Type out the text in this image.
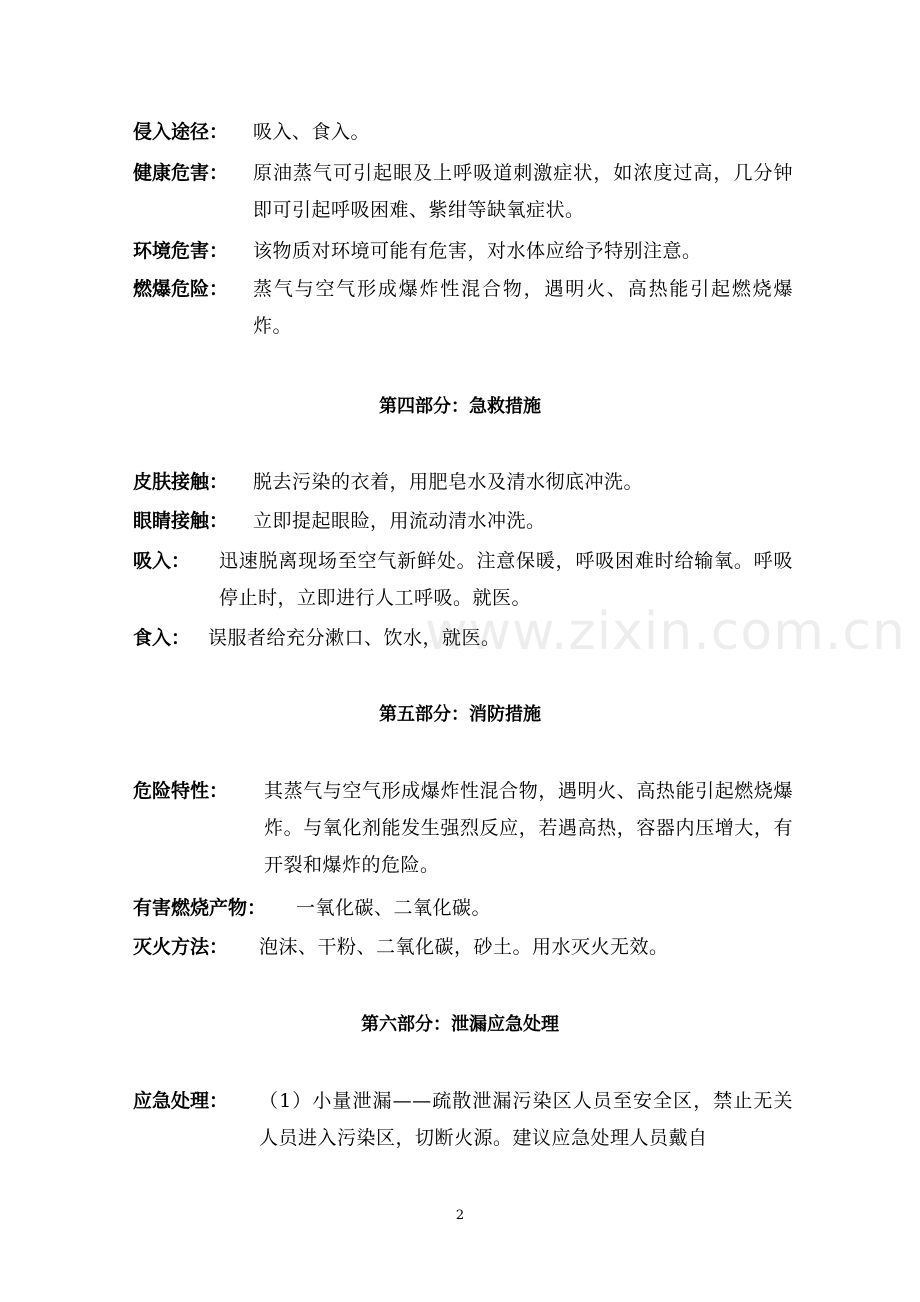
侵入途径：	吸入、食入。
健康危害：	原油蒸气可引起眼及上呼吸道刺激症状，如浓度过高，几分钟即可引起呼吸困难、紫绀等缺氧症状。
环境危害：	该物质对环境可能有危害，对水体应给予特别注意。
燃爆危险：	蒸气与空气形成爆炸性混合物，遇明火、高热能引起燃烧爆炸。
第四部分：急救措施
皮肤接触：	脱去污染的衣着，用肥皂水及清水彻底冲洗。
眼睛接触：	立即提起眼睑，用流动清水冲洗。
吸入：	迅速脱离现场至空气新鲜处。注意保暖，呼吸困难时给输氧。呼吸停止时，立即进行人工呼吸。就医。
食入： 误服者给充分漱口、饮水，就医。
第五部分：消防措施
危险特性：	其蒸气与空气形成爆炸性混合物，遇明火、高热能引起燃烧爆炸。与氧化剂能发生强烈反应，若遇高热，容器内压增大，有开裂和爆炸的危险。
有害燃烧产物：	一氧化碳、二氧化碳。
灭火方法：	泡沫、干粉、二氧化碳，砂土。用水灭火无效。
第六部分：泄漏应急处理
应急处理：	（1）小量泄漏——疏散泄漏污染区人员至安全区，禁止无关人员进入污染区，切断火源。建议应急处理人员戴自
www.zixin.com.cn
2
